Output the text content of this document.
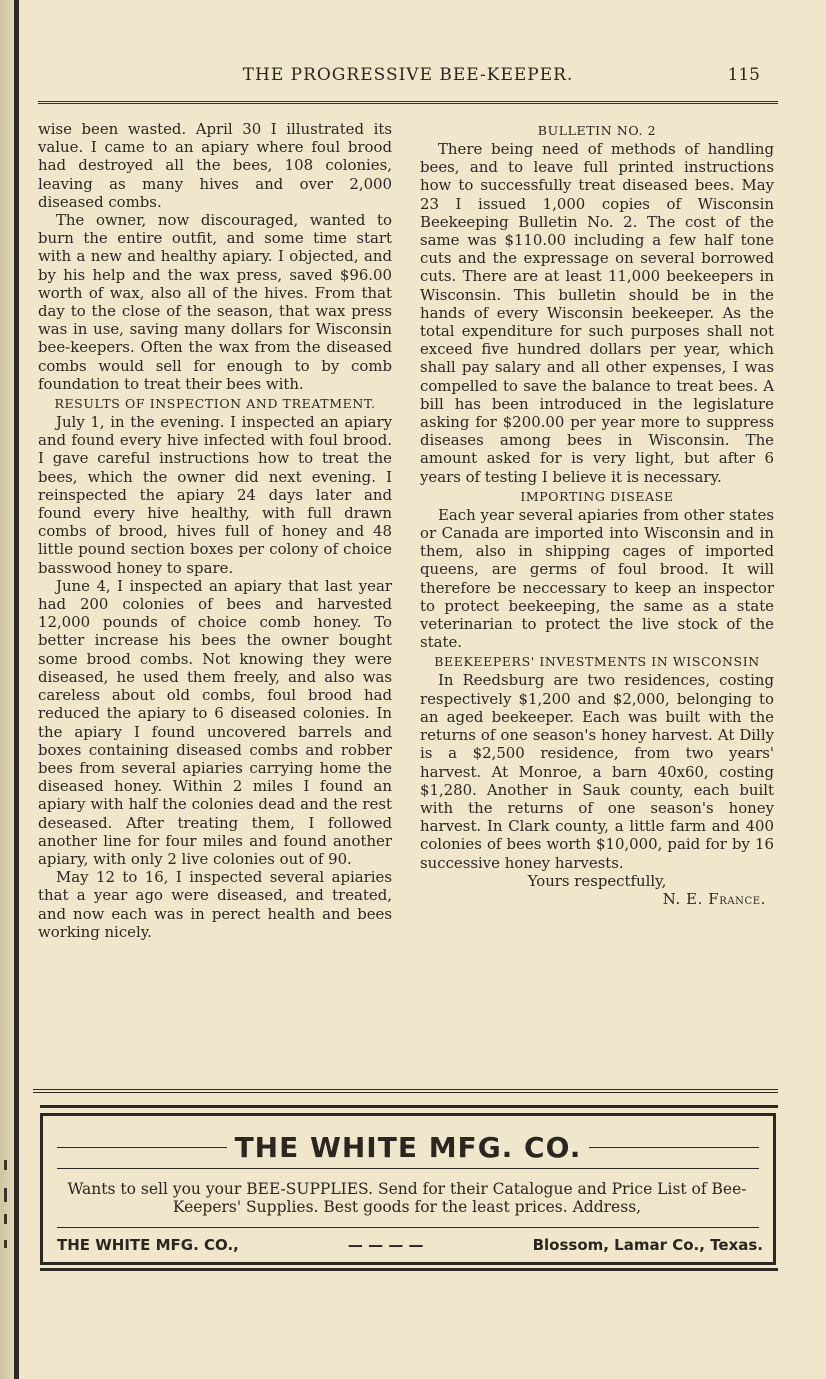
THE PROGRESSIVE BEE-KEEPER.	115

wise been wasted. April 30 I illustrated its value. I came to an apiary where foul brood had destroyed all the bees, 108 colonies, leaving as many hives and over 2,000 diseased combs.

The owner, now discouraged, wanted to burn the entire outfit, and some time start with a new and healthy apiary. I objected, and by his help and the wax press, saved $96.00 worth of wax, also all of the hives. From that day to the close of the season, that wax press was in use, saving many dollars for Wisconsin bee-keepers. Often the wax from the diseased combs would sell for enough to by comb foundation to treat their bees with.

RESULTS OF INSPECTION AND TREATMENT.

July 1, in the evening. I inspected an apiary and found every hive infected with foul brood. I gave careful instructions how to treat the bees, which the owner did next evening. I reinspected the apiary 24 days later and found every hive healthy, with full drawn combs of brood, hives full of honey and 48 little pound section boxes per colony of choice basswood honey to spare.

June 4, I inspected an apiary that last year had 200 colonies of bees and harvested 12,000 pounds of choice comb honey. To better increase his bees the owner bought some brood combs. Not knowing they were diseased, he used them freely, and also was careless about old combs, foul brood had reduced the apiary to 6 diseased colonies. In the apiary I found uncovered barrels and boxes containing diseased combs and robber bees from several apiaries carrying home the diseased honey. Within 2 miles I found an apiary with half the colonies dead and the rest deseased. After treating them, I followed another line for four miles and found another apiary, with only 2 live colonies out of 90.

May 12 to 16, I inspected several apiaries that a year ago were diseased, and treated, and now each was in perect health and bees working nicely.

BULLETIN NO. 2

There being need of methods of handling bees, and to leave full printed instructions how to successfully treat diseased bees. May 23 I issued 1,000 copies of Wisconsin Beekeeping Bulletin No. 2. The cost of the same was $110.00 including a few half tone cuts and the expressage on several borrowed cuts. There are at least 11,000 beekeepers in Wisconsin. This bulletin should be in the hands of every Wisconsin beekeeper. As the total expenditure for such purposes shall not exceed five hundred dollars per year, which shall pay salary and all other expenses, I was compelled to save the balance to treat bees. A bill has been introduced in the legislature asking for $200.00 per year more to suppress diseases among bees in Wisconsin. The amount asked for is very light, but after 6 years of testing I believe it is necessary.

IMPORTING DISEASE

Each year several apiaries from other states or Canada are imported into Wisconsin and in them, also in shipping cages of imported queens, are germs of foul brood. It will therefore be neccessary to keep an inspector to protect beekeeping, the same as a state veterinarian to protect the live stock of the state.

BEEKEEPERS' INVESTMENTS IN WISCONSIN

In Reedsburg are two residences, costing respectively $1,200 and $2,000, belonging to an aged beekeeper. Each was built with the returns of one season's honey harvest. At Dilly is a $2,500 residence, from two years' harvest. At Monroe, a barn 40x60, costing $1,280. Another in Sauk county, each built with the returns of one season's honey harvest. In Clark county, a little farm and 400 colonies of bees worth $10,000, paid for by 16 successive honey harvests.

Yours respectfully,
N. E. France.
THE WHITE MFG. CO.
Wants to sell you your BEE-SUPPLIES. Send for their Catalogue and Price List of Bee-Keepers' Supplies. Best goods for the least prices. Address,
THE WHITE MFG. CO.,	— — — —	Blossom, Lamar Co., Texas.
